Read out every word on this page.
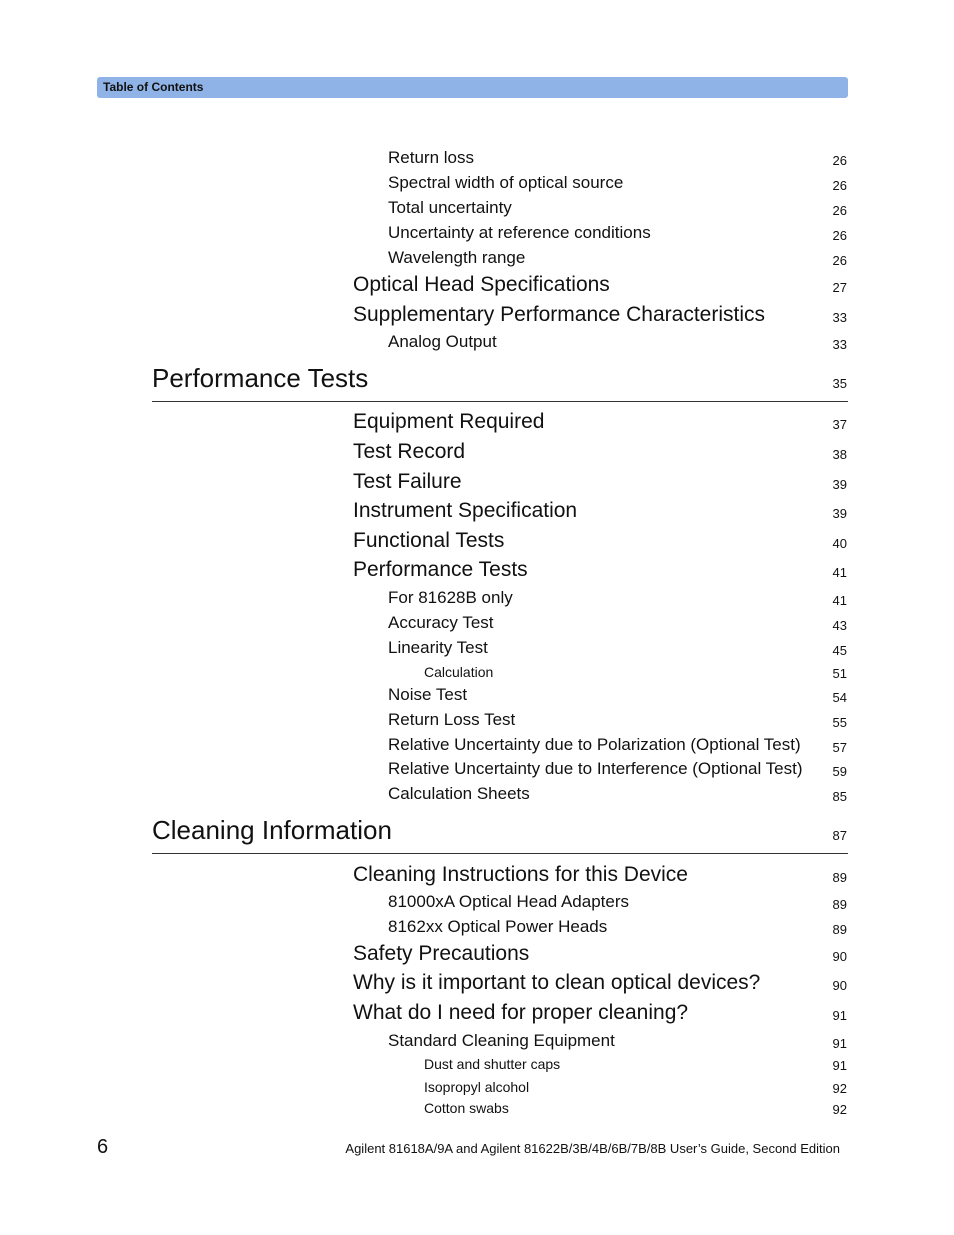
Table of Contents
Return loss	26
Spectral width of optical source	26
Total uncertainty	26
Uncertainty at reference conditions	26
Wavelength range	26
Optical Head Specifications	27
Supplementary Performance Characteristics	33
Analog Output	33
Performance Tests	35
Equipment Required	37
Test Record	38
Test Failure	39
Instrument Specification	39
Functional Tests	40
Performance Tests	41
For 81628B only	41
Accuracy Test	43
Linearity Test	45
Calculation	51
Noise Test	54
Return Loss Test	55
Relative Uncertainty due to Polarization (Optional Test) 57
Relative Uncertainty due to Interference (Optional Test) 59
Calculation Sheets	85
Cleaning Information	87
Cleaning Instructions for this Device	89
81000xA Optical Head Adapters	89
8162xx Optical Power Heads	89
Safety Precautions	90
Why is it important to clean optical devices?	90
What do I need for proper cleaning?	91
Standard Cleaning Equipment	91
Dust and shutter caps	91
Isopropyl alcohol	92
Cotton swabs	92
6	Agilent 81618A/9A and Agilent 81622B/3B/4B/6B/7B/8B User’s Guide, Second Edition
